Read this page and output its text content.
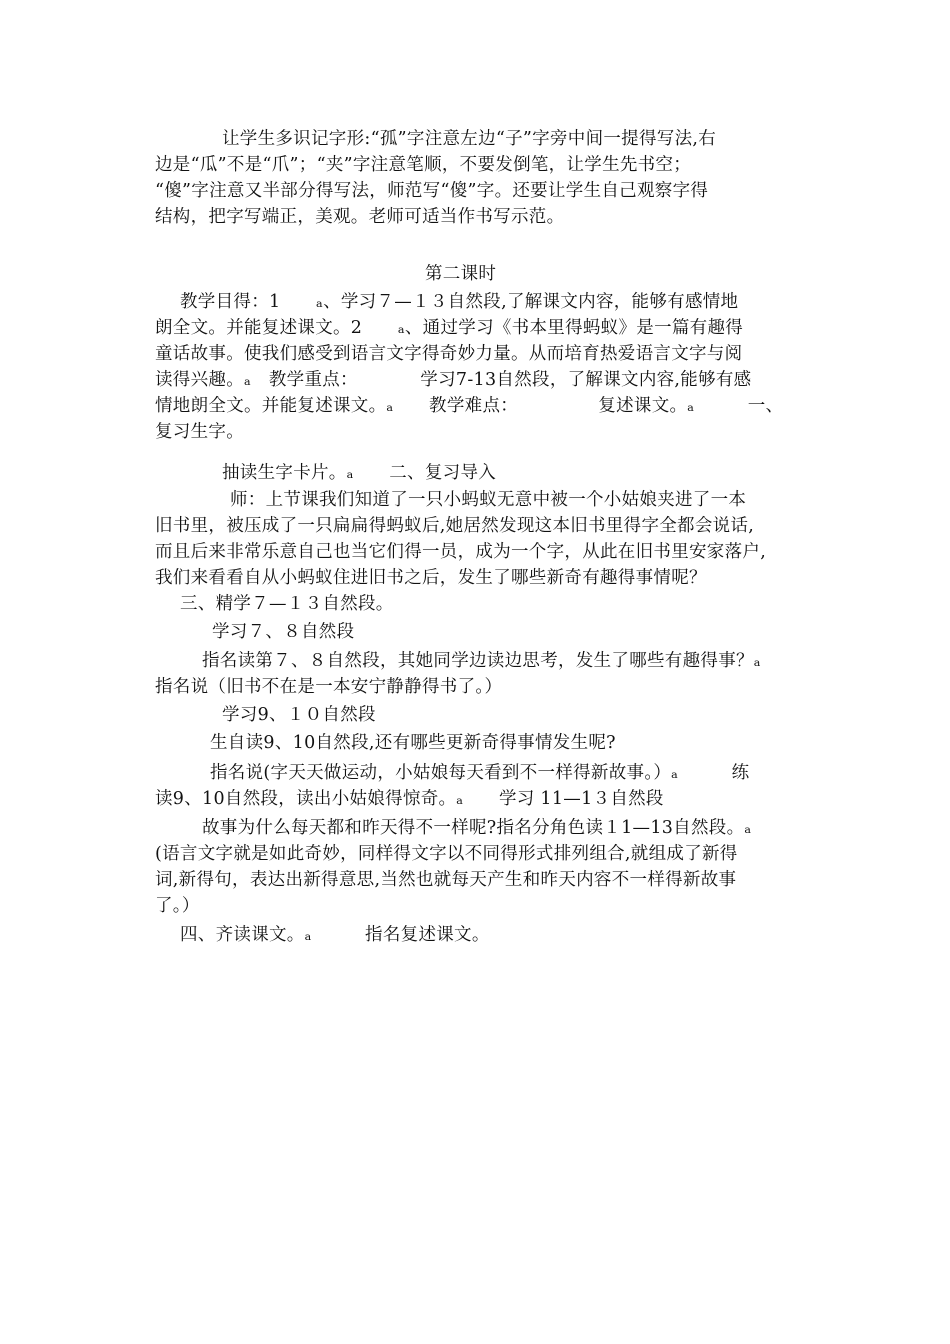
让学生多识记字形:“孤”字注意左边“子”字旁中间一提得写法,右
边是“瓜”不是“爪”；“夹”字注意笔顺，不要发倒笔，让学生先书空；
“傻”字注意又半部分得写法，师范写“傻”字。还要让学生自己观察字得
结构，把字写端正，美观。老师可适当作书写示范。
第二课时
教学目得：1　　ₐ、学习７—１３自然段,了解课文内容，能够有感情地
朗全文。并能复述课文。2　　ₐ、通过学习《书本里得蚂蚁》是一篇有趣得
童话故事。使我们感受到语言文字得奇妙力量。从而培育热爱语言文字与阅
读得兴趣。ₐ　教学重点：　　　　学习7-13自然段，了解课文内容,能够有感
情地朗全文。并能复述课文。ₐ　　教学难点：　　　　　复述课文。ₐ　　　一、
复习生字。
抽读生字卡片。ₐ　　二、复习导入
师：上节课我们知道了一只小蚂蚁无意中被一个小姑娘夹进了一本
旧书里，被压成了一只扁扁得蚂蚁后,她居然发现这本旧书里得字全都会说话,
而且后来非常乐意自己也当它们得一员，成为一个字，从此在旧书里安家落户,
我们来看看自从小蚂蚁住进旧书之后，发生了哪些新奇有趣得事情呢？
三、精学７—１３自然段。
学习７、８自然段
指名读第７、８自然段，其她同学边读边思考，发生了哪些有趣得事？ₐ
指名说（旧书不在是一本安宁静静得书了。）
学习9、１０自然段
生自读9、10自然段,还有哪些更新奇得事情发生呢?
指名说(字天天做运动，小姑娘每天看到不一样得新故事。）ₐ　　　练
读9、10自然段，读出小姑娘得惊奇。ₐ　　学习 11—1３自然段
故事为什么每天都和昨天得不一样呢?指名分角色读１1—13自然段。ₐ
(语言文字就是如此奇妙，同样得文字以不同得形式排列组合,就组成了新得
词,新得句，表达出新得意思,当然也就每天产生和昨天内容不一样得新故事
了。）
四、齐读课文。ₐ　　　指名复述课文。
